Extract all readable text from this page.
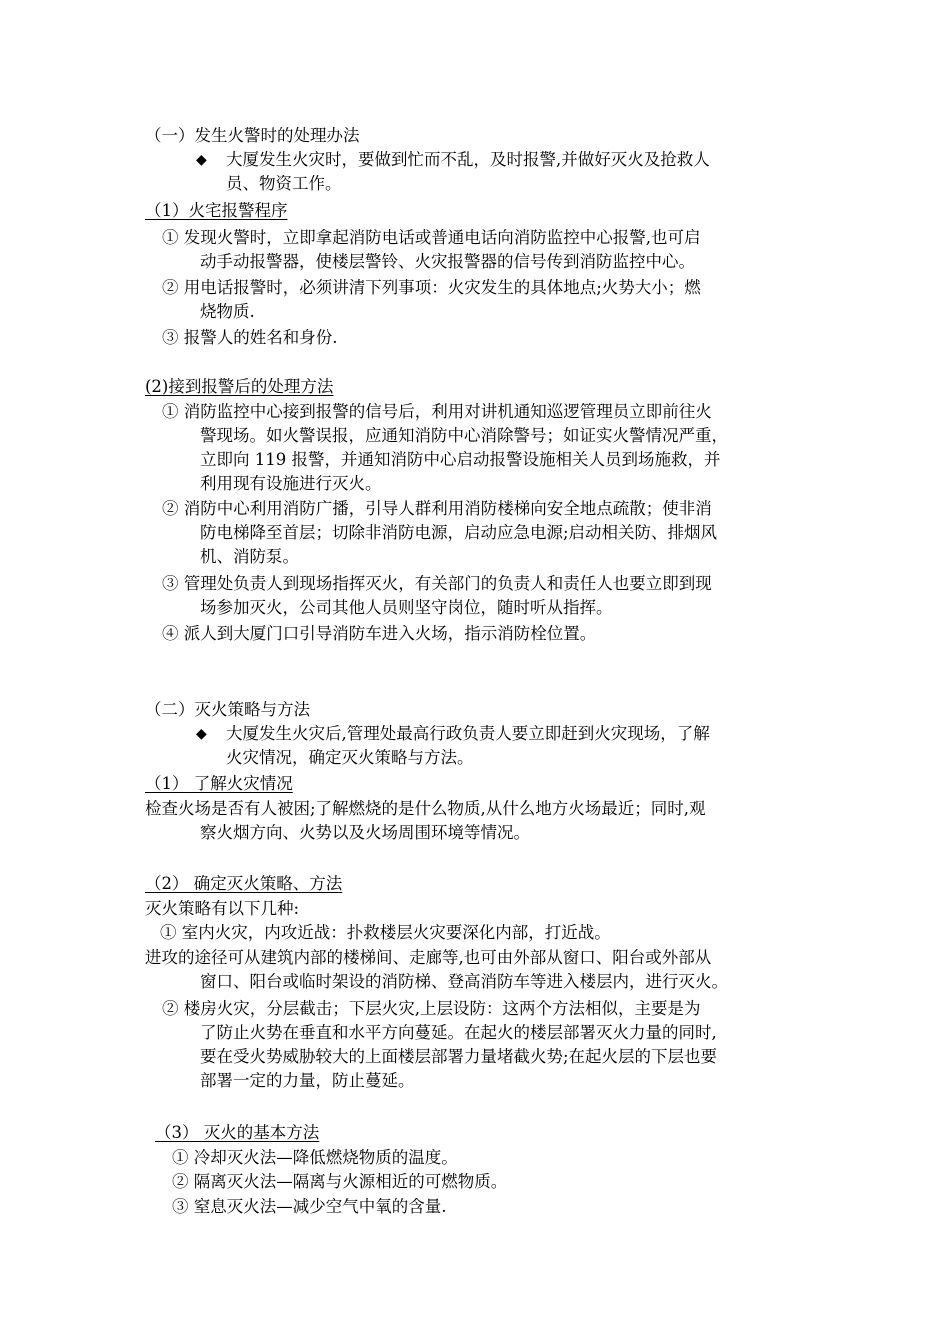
（一）发生火警时的处理办法
◆ 大厦发生火灾时，要做到忙而不乱，及时报警,并做好灭火及抢救人
员、物资工作。
（1）火宅报警程序
① 发现火警时，立即拿起消防电话或普通电话向消防监控中心报警,也可启
动手动报警器，使楼层警铃、火灾报警器的信号传到消防监控中心。
② 用电话报警时，必须讲清下列事项：火灾发生的具体地点;火势大小；燃
烧物质.
③ 报警人的姓名和身份.
(2)接到报警后的处理方法
① 消防监控中心接到报警的信号后，利用对讲机通知巡逻管理员立即前往火
警现场。如火警误报，应通知消防中心消除警号；如证实火警情况严重，
立即向 119 报警，并通知消防中心启动报警设施相关人员到场施救，并
利用现有设施进行灭火。
② 消防中心利用消防广播，引导人群利用消防楼梯向安全地点疏散；使非消
防电梯降至首层；切除非消防电源，启动应急电源;启动相关防、排烟风
机、消防泵。
③ 管理处负责人到现场指挥灭火，有关部门的负责人和责任人也要立即到现
场参加灭火，公司其他人员则坚守岗位，随时听从指挥。
④ 派人到大厦门口引导消防车进入火场，指示消防栓位置。
（二）灭火策略与方法
◆ 大厦发生火灾后,管理处最高行政负责人要立即赶到火灾现场，了解
火灾情况，确定灭火策略与方法。
（1） 了解火灾情况
检查火场是否有人被困;了解燃烧的是什么物质,从什么地方火场最近；同时,观
察火烟方向、火势以及火场周围环境等情况。
（2） 确定灭火策略、方法
灭火策略有以下几种:
① 室内火灾，内攻近战：扑救楼层火灾要深化内部，打近战。
进攻的途径可从建筑内部的楼梯间、走廊等,也可由外部从窗口、阳台或外部从
窗口、阳台或临时架设的消防梯、登高消防车等进入楼层内，进行灭火。
② 楼房火灾，分层截击；下层火灾,上层设防：这两个方法相似，主要是为
了防止火势在垂直和水平方向蔓延。在起火的楼层部署灭火力量的同时,
要在受火势威胁较大的上面楼层部署力量堵截火势;在起火层的下层也要
部署一定的力量，防止蔓延。
（3） 灭火的基本方法
① 冷却灭火法—降低燃烧物质的温度。
② 隔离灭火法—隔离与火源相近的可燃物质。
③ 窒息灭火法—减少空气中氧的含量.
